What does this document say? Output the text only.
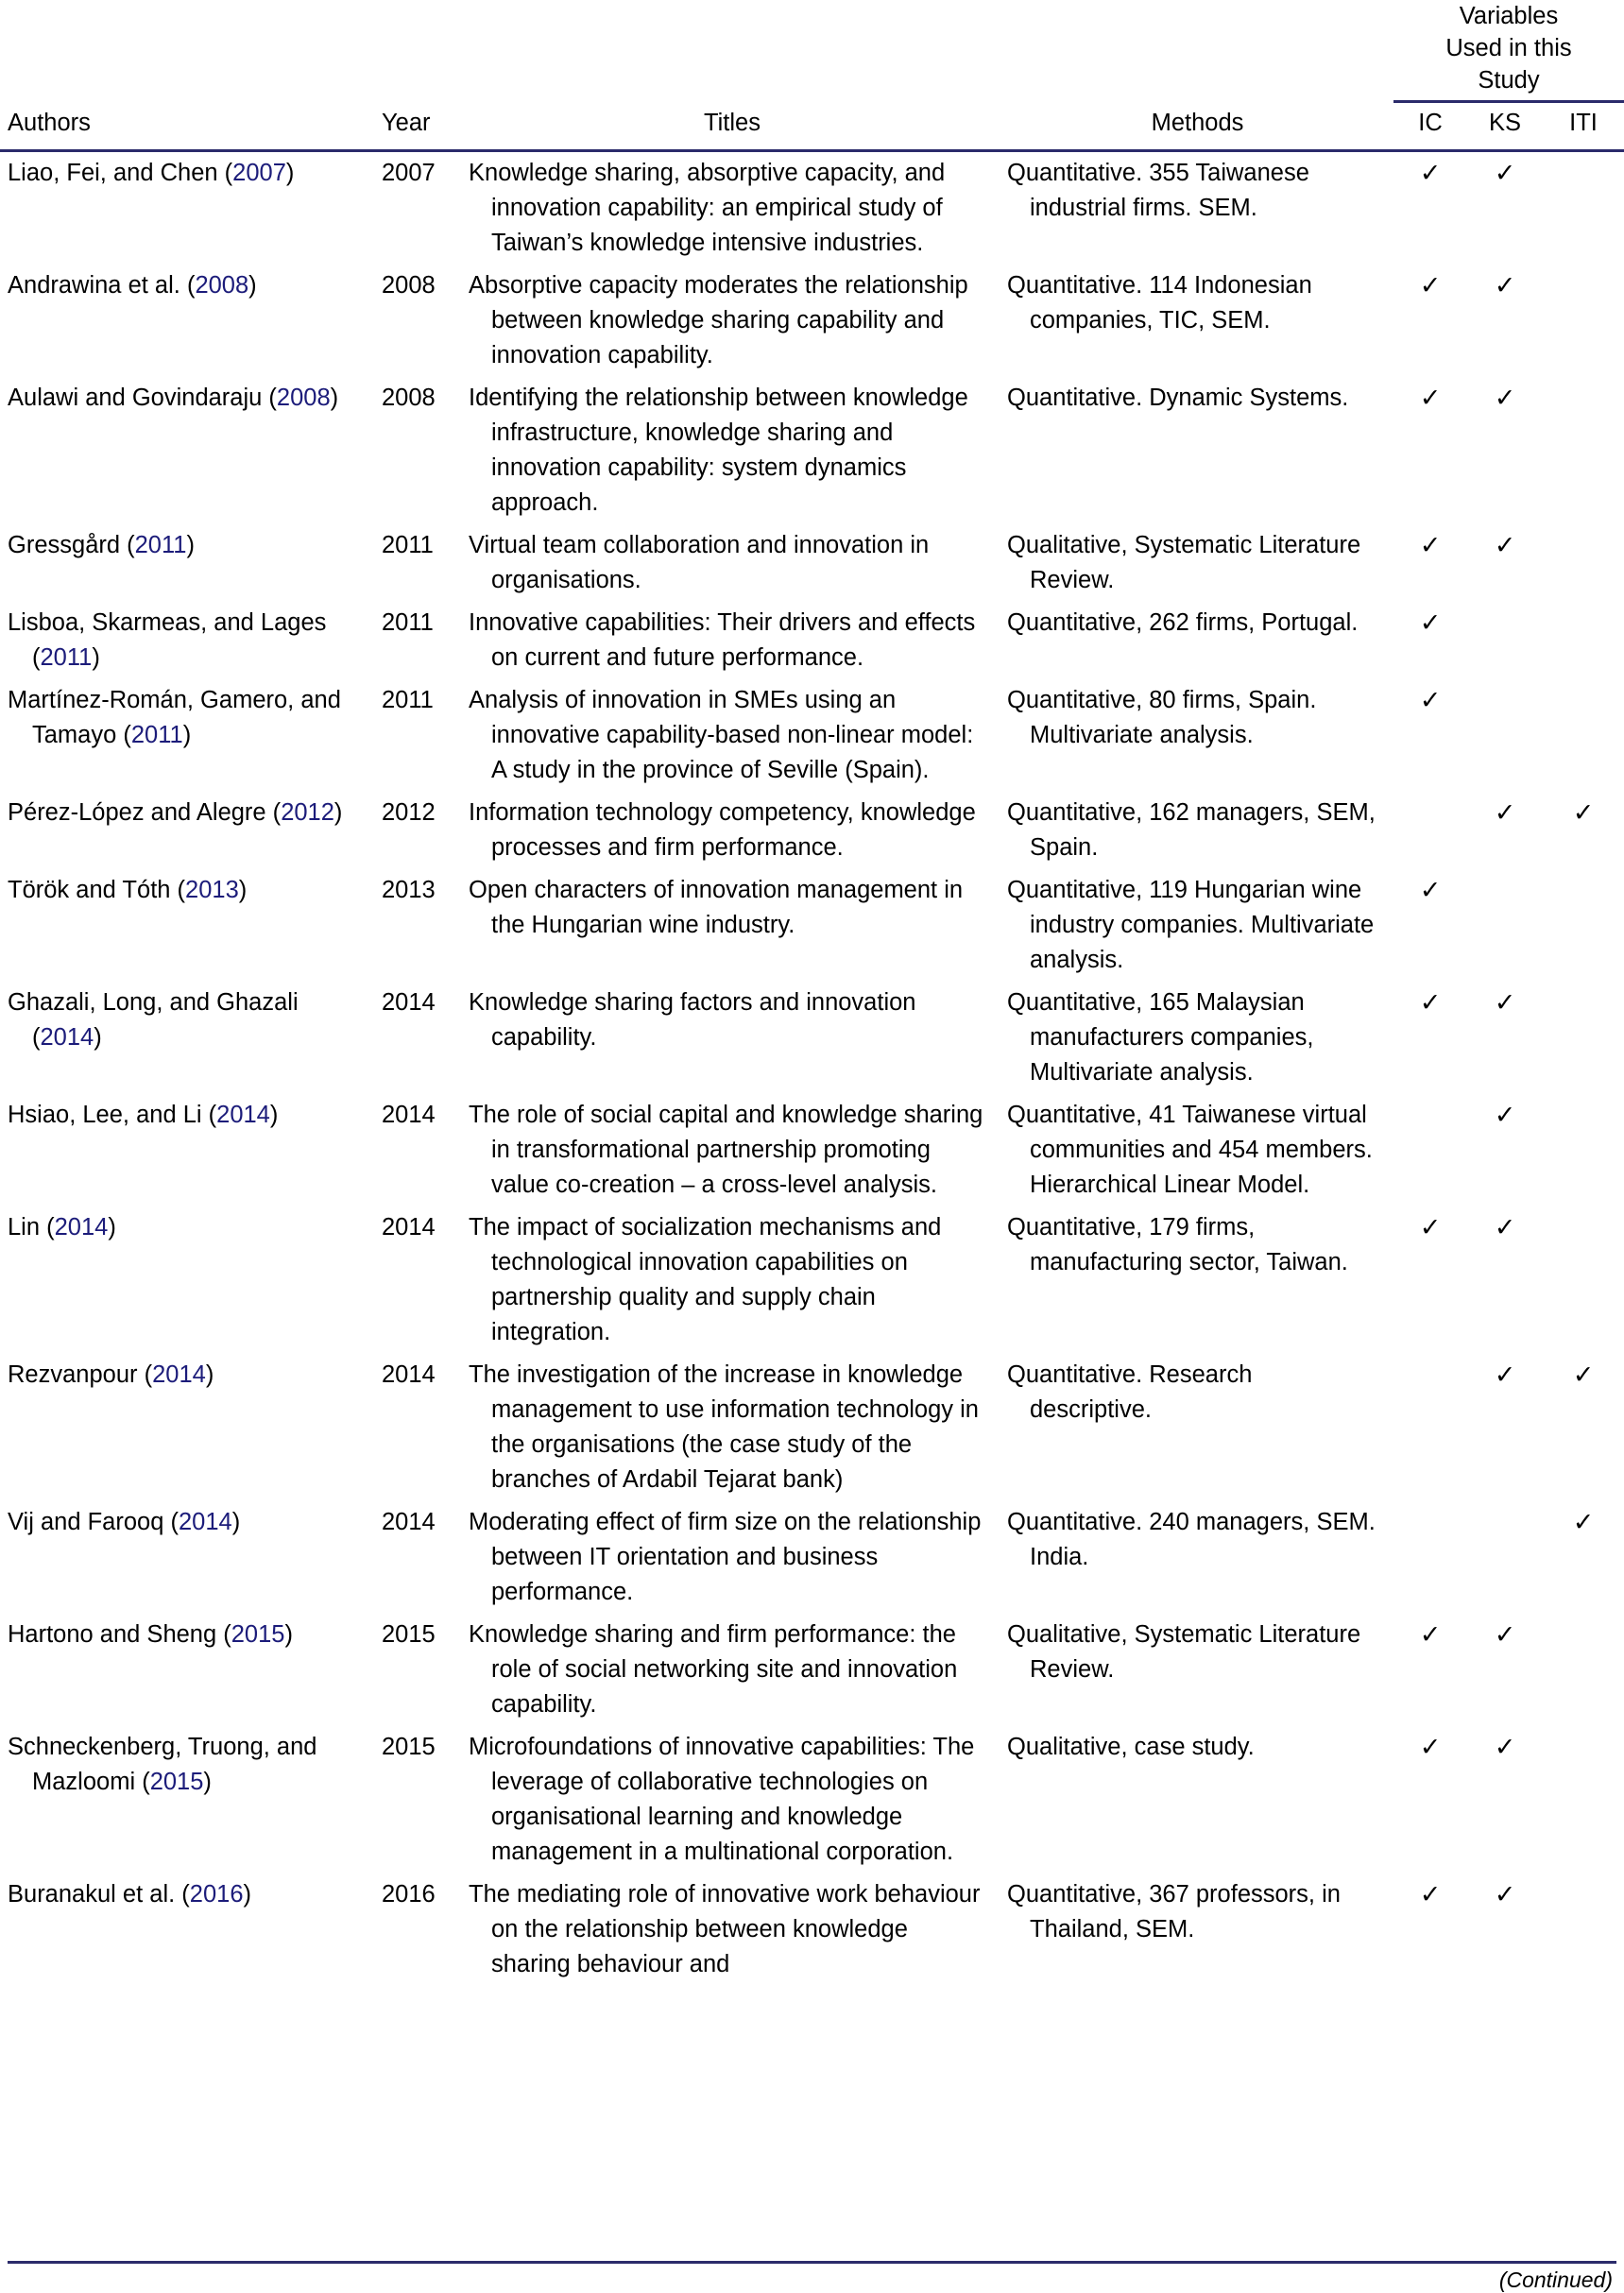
				Variables
Used in this
Study		
Authors	Year	Titles	Methods	IC	KS	ITI
Liao, Fei, and Chen (2007)	2007	Knowledge sharing, absorptive capacity, and innovation capability: an empirical study of Taiwan’s knowledge intensive industries.	Quantitative. 355 Taiwanese industrial firms. SEM.	✓	✓	
Andrawina et al. (2008)	2008	Absorptive capacity moderates the relationship between knowledge sharing capability and innovation capability.	Quantitative. 114 Indonesian companies, TIC, SEM.	✓	✓	
Aulawi and Govindaraju (2008)	2008	Identifying the relationship between knowledge infrastructure, knowledge sharing and innovation capability: system dynamics approach.	Quantitative. Dynamic Systems.	✓	✓	
Gressgård (2011)	2011	Virtual team collaboration and innovation in organisations.	Qualitative, Systematic Literature Review.	✓	✓	
Lisboa, Skarmeas, and Lages (2011)	2011	Innovative capabilities: Their drivers and effects on current and future performance.	Quantitative, 262 firms, Portugal.	✓		
Martínez-Román, Gamero, and Tamayo (2011)	2011	Analysis of innovation in SMEs using an innovative capability-based non-linear model: A study in the province of Seville (Spain).	Quantitative, 80 firms, Spain. Multivariate analysis.	✓		
Pérez-López and Alegre (2012)	2012	Information technology competency, knowledge processes and firm performance.	Quantitative, 162 managers, SEM, Spain.		✓	✓
Török and Tóth (2013)	2013	Open characters of innovation management in the Hungarian wine industry.	Quantitative, 119 Hungarian wine industry companies. Multivariate analysis.	✓		
Ghazali, Long, and Ghazali (2014)	2014	Knowledge sharing factors and innovation capability.	Quantitative, 165 Malaysian manufacturers companies, Multivariate analysis.	✓	✓	
Hsiao, Lee, and Li (2014)	2014	The role of social capital and knowledge sharing in transformational partnership promoting value co-creation – a cross-level analysis.	Quantitative, 41 Taiwanese virtual communities and 454 members. Hierarchical Linear Model.		✓	
Lin (2014)	2014	The impact of socialization mechanisms and technological innovation capabilities on partnership quality and supply chain integration.	Quantitative, 179 firms, manufacturing sector, Taiwan.	✓	✓	
Rezvanpour (2014)	2014	The investigation of the increase in knowledge management to use information technology in the organisations (the case study of the branches of Ardabil Tejarat bank)	Quantitative. Research descriptive.		✓	✓
Vij and Farooq (2014)	2014	Moderating effect of firm size on the relationship between IT orientation and business performance.	Quantitative. 240 managers, SEM. India.			✓
Hartono and Sheng (2015)	2015	Knowledge sharing and firm performance: the role of social networking site and innovation capability.	Qualitative, Systematic Literature Review.	✓	✓	
Schneckenberg, Truong, and Mazloomi (2015)	2015	Microfoundations of innovative capabilities: The leverage of collaborative technologies on organisational learning and knowledge management in a multinational corporation.	Qualitative, case study.	✓	✓	
Buranakul et al. (2016)	2016	The mediating role of innovative work behaviour on the relationship between knowledge sharing behaviour and	Quantitative, 367 professors, in Thailand, SEM.	✓	✓	
(Continued)
